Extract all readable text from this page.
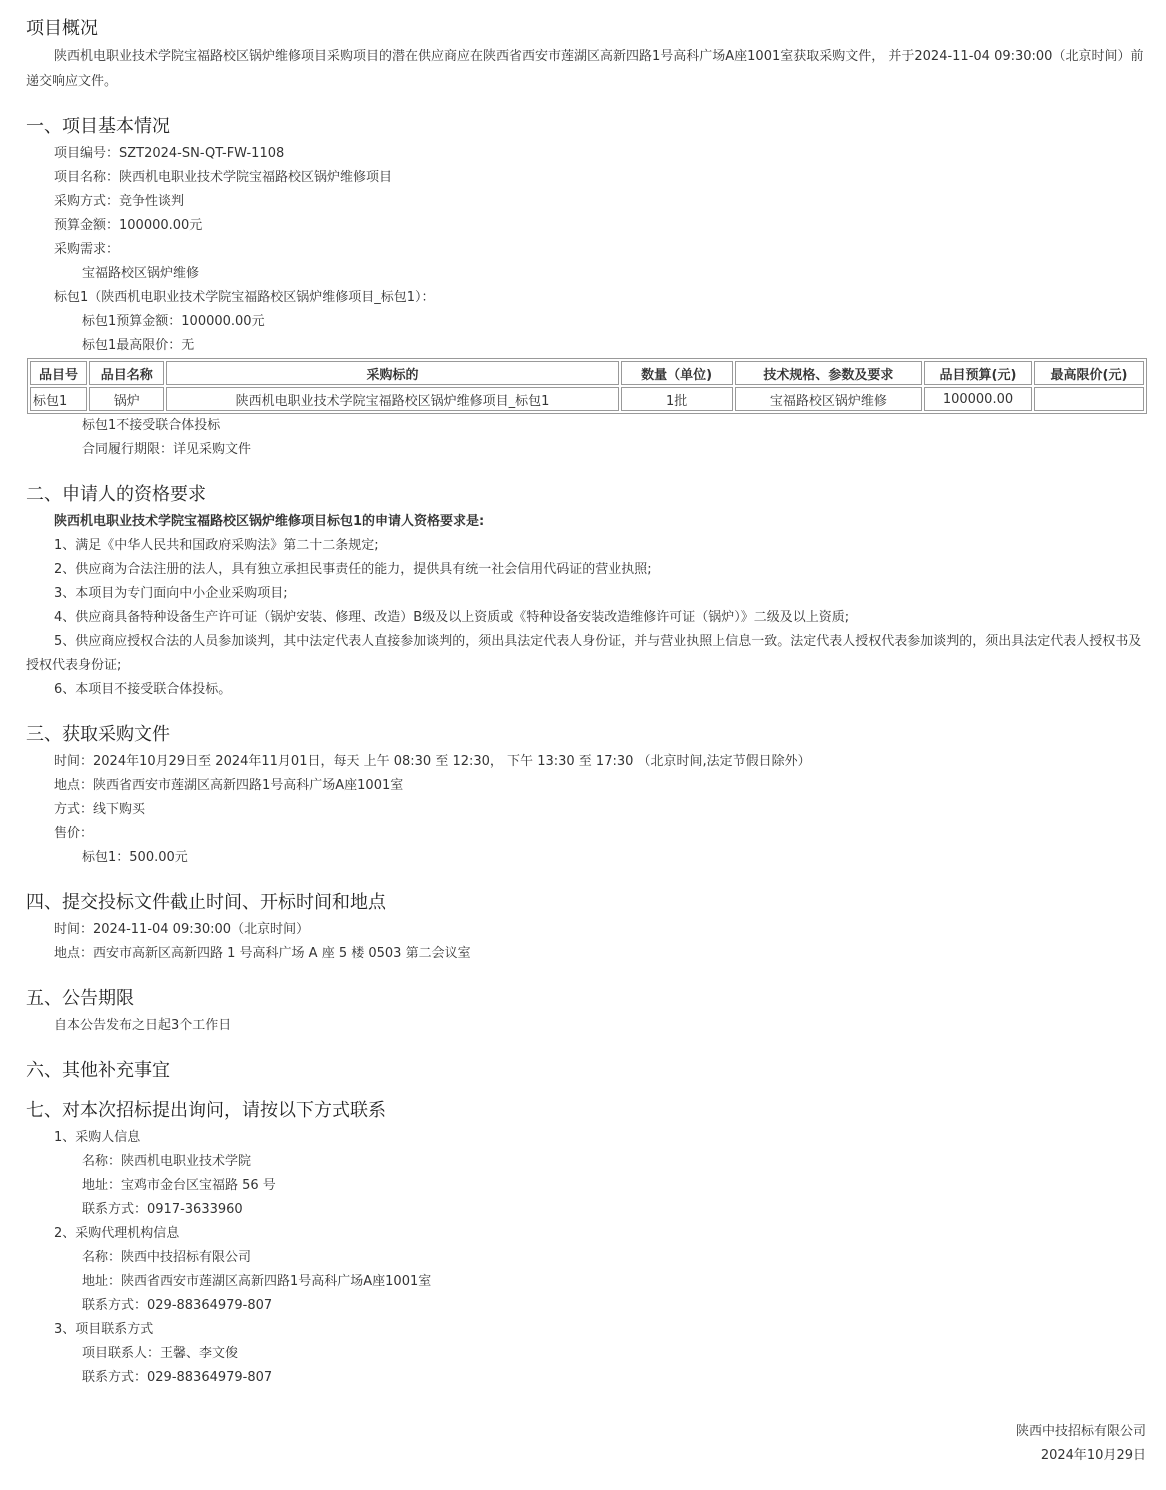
项目概况

陕西机电职业技术学院宝福路校区锅炉维修项目采购项目的潜在供应商应在陕西省西安市莲湖区高新四路1号高科广场A座1001室获取采购文件， 并于2024-11-04 09:30:00（北京时间）前递交响应文件。

一、项目基本情况
项目编号：SZT2024-SN-QT-FW-1108
项目名称：陕西机电职业技术学院宝福路校区锅炉维修项目
采购方式：竞争性谈判
预算金额：100000.00元
采购需求：
宝福路校区锅炉维修
标包1（陕西机电职业技术学院宝福路校区锅炉维修项目_标包1）：
标包1预算金额：100000.00元
标包1最高限价：无
品目号	品目名称	采购标的	数量（单位)	技术规格、参数及要求	品目预算(元)	最高限价(元)
标包1	锅炉	陕西机电职业技术学院宝福路校区锅炉维修项目_标包1	1批	宝福路校区锅炉维修	100000.00	
标包1不接受联合体投标
合同履行期限：详见采购文件
二、申请人的资格要求
陕西机电职业技术学院宝福路校区锅炉维修项目标包1的申请人资格要求是:
1、满足《中华人民共和国政府采购法》第二十二条规定;
2、供应商为合法注册的法人，具有独立承担民事责任的能力，提供具有统一社会信用代码证的营业执照;
3、本项目为专门面向中小企业采购项目;
4、供应商具备特种设备生产许可证（锅炉安装、修理、改造）B级及以上资质或《特种设备安装改造维修许可证（锅炉）》二级及以上资质;
5、供应商应授权合法的人员参加谈判，其中法定代表人直接参加谈判的，须出具法定代表人身份证，并与营业执照上信息一致。法定代表人授权代表参加谈判的，须出具法定代表人授权书及授权代表身份证;
6、本项目不接受联合体投标。
三、获取采购文件
时间：2024年10月29日至 2024年11月01日，每天 上午 08:30 至 12:30， 下午 13:30 至 17:30 （北京时间,法定节假日除外）
地点：陕西省西安市莲湖区高新四路1号高科广场A座1001室
方式：线下购买
售价：
标包1：500.00元
四、提交投标文件截止时间、开标时间和地点
时间：2024-11-04 09:30:00（北京时间）
地点：西安市高新区高新四路 1 号高科广场 A 座 5 楼 0503 第二会议室
五、公告期限
自本公告发布之日起3个工作日
六、其他补充事宜
七、对本次招标提出询问，请按以下方式联系
1、采购人信息
名称：陕西机电职业技术学院
地址：宝鸡市金台区宝福路 56 号
联系方式：0917-3633960
2、采购代理机构信息
名称：陕西中技招标有限公司
地址：陕西省西安市莲湖区高新四路1号高科广场A座1001室
联系方式：029-88364979-807
3、项目联系方式
项目联系人：王馨、李文俊
联系方式：029-88364979-807
陕西中技招标有限公司
2024年10月29日
